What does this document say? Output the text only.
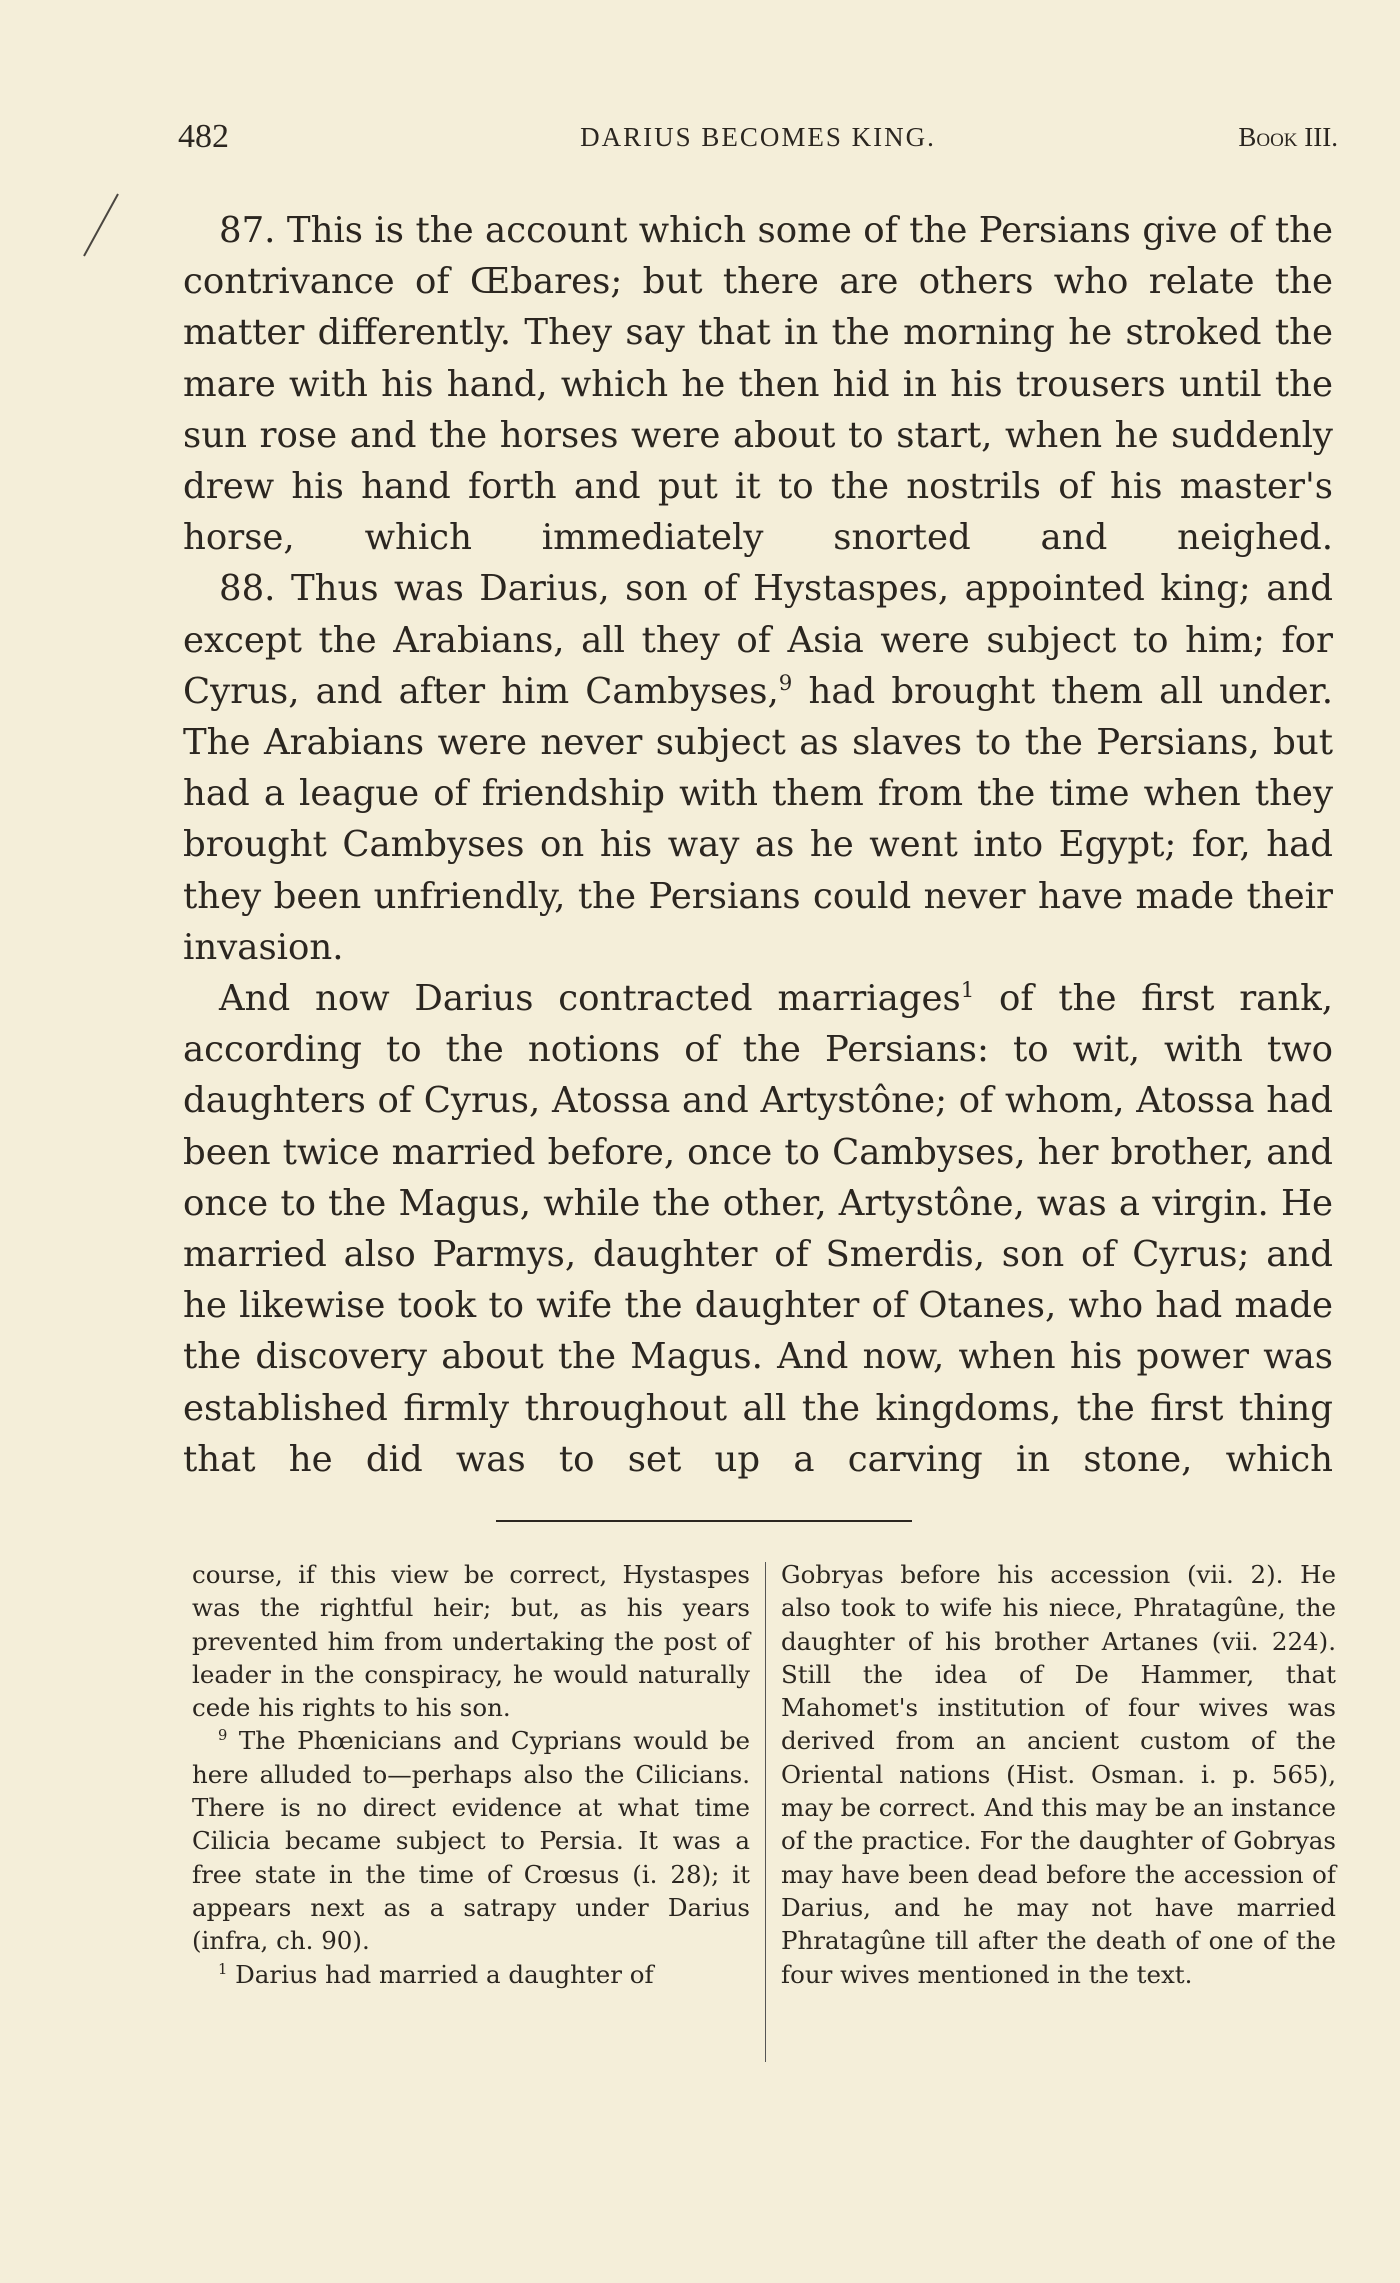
482	DARIUS BECOMES KING.	Book III.

87. This is the account which some of the Persians give of the contrivance of Œbares; but there are others who relate the matter differently. They say that in the morning he stroked the mare with his hand, which he then hid in his trousers until the sun rose and the horses were about to start, when he suddenly drew his hand forth and put it to the nostrils of his master's horse, which immediately snorted and neighed.

88. Thus was Darius, son of Hystaspes, appointed king; and except the Arabians, all they of Asia were subject to him; for Cyrus, and after him Cambyses,$^9$ had brought them all under. The Arabians were never subject as slaves to the Persians, but had a league of friendship with them from the time when they brought Cambyses on his way as he went into Egypt; for, had they been unfriendly, the Persians could never have made their invasion.

And now Darius contracted marriages$^1$ of the first rank, according to the notions of the Persians: to wit, with two daughters of Cyrus, Atossa and Artystône; of whom, Atossa had been twice married before, once to Cambyses, her brother, and once to the Magus, while the other, Artystône, was a virgin. He married also Parmys, daughter of Smerdis, son of Cyrus; and he likewise took to wife the daughter of Otanes, who had made the discovery about the Magus. And now, when his power was established firmly throughout all the kingdoms, the first thing that he did was to set up a carving in stone, which

course, if this view be correct, Hystaspes was the rightful heir; but, as his years prevented him from undertaking the post of leader in the conspiracy, he would naturally cede his rights to his son.

$^9$ The Phœnicians and Cyprians would be here alluded to—perhaps also the Cilicians. There is no direct evidence at what time Cilicia became subject to Persia. It was a free state in the time of Crœsus (i. 28); it appears next as a satrapy under Darius (infra, ch. 90).

$^1$ Darius had married a daughter of

Gobryas before his accession (vii. 2). He also took to wife his niece, Phratagûne, the daughter of his brother Artanes (vii. 224). Still the idea of De Hammer, that Mahomet's institution of four wives was derived from an ancient custom of the Oriental nations (Hist. Osman. i. p. 565), may be correct. And this may be an instance of the practice. For the daughter of Gobryas may have been dead before the accession of Darius, and he may not have married Phratagûne till after the death of one of the four wives mentioned in the text.
